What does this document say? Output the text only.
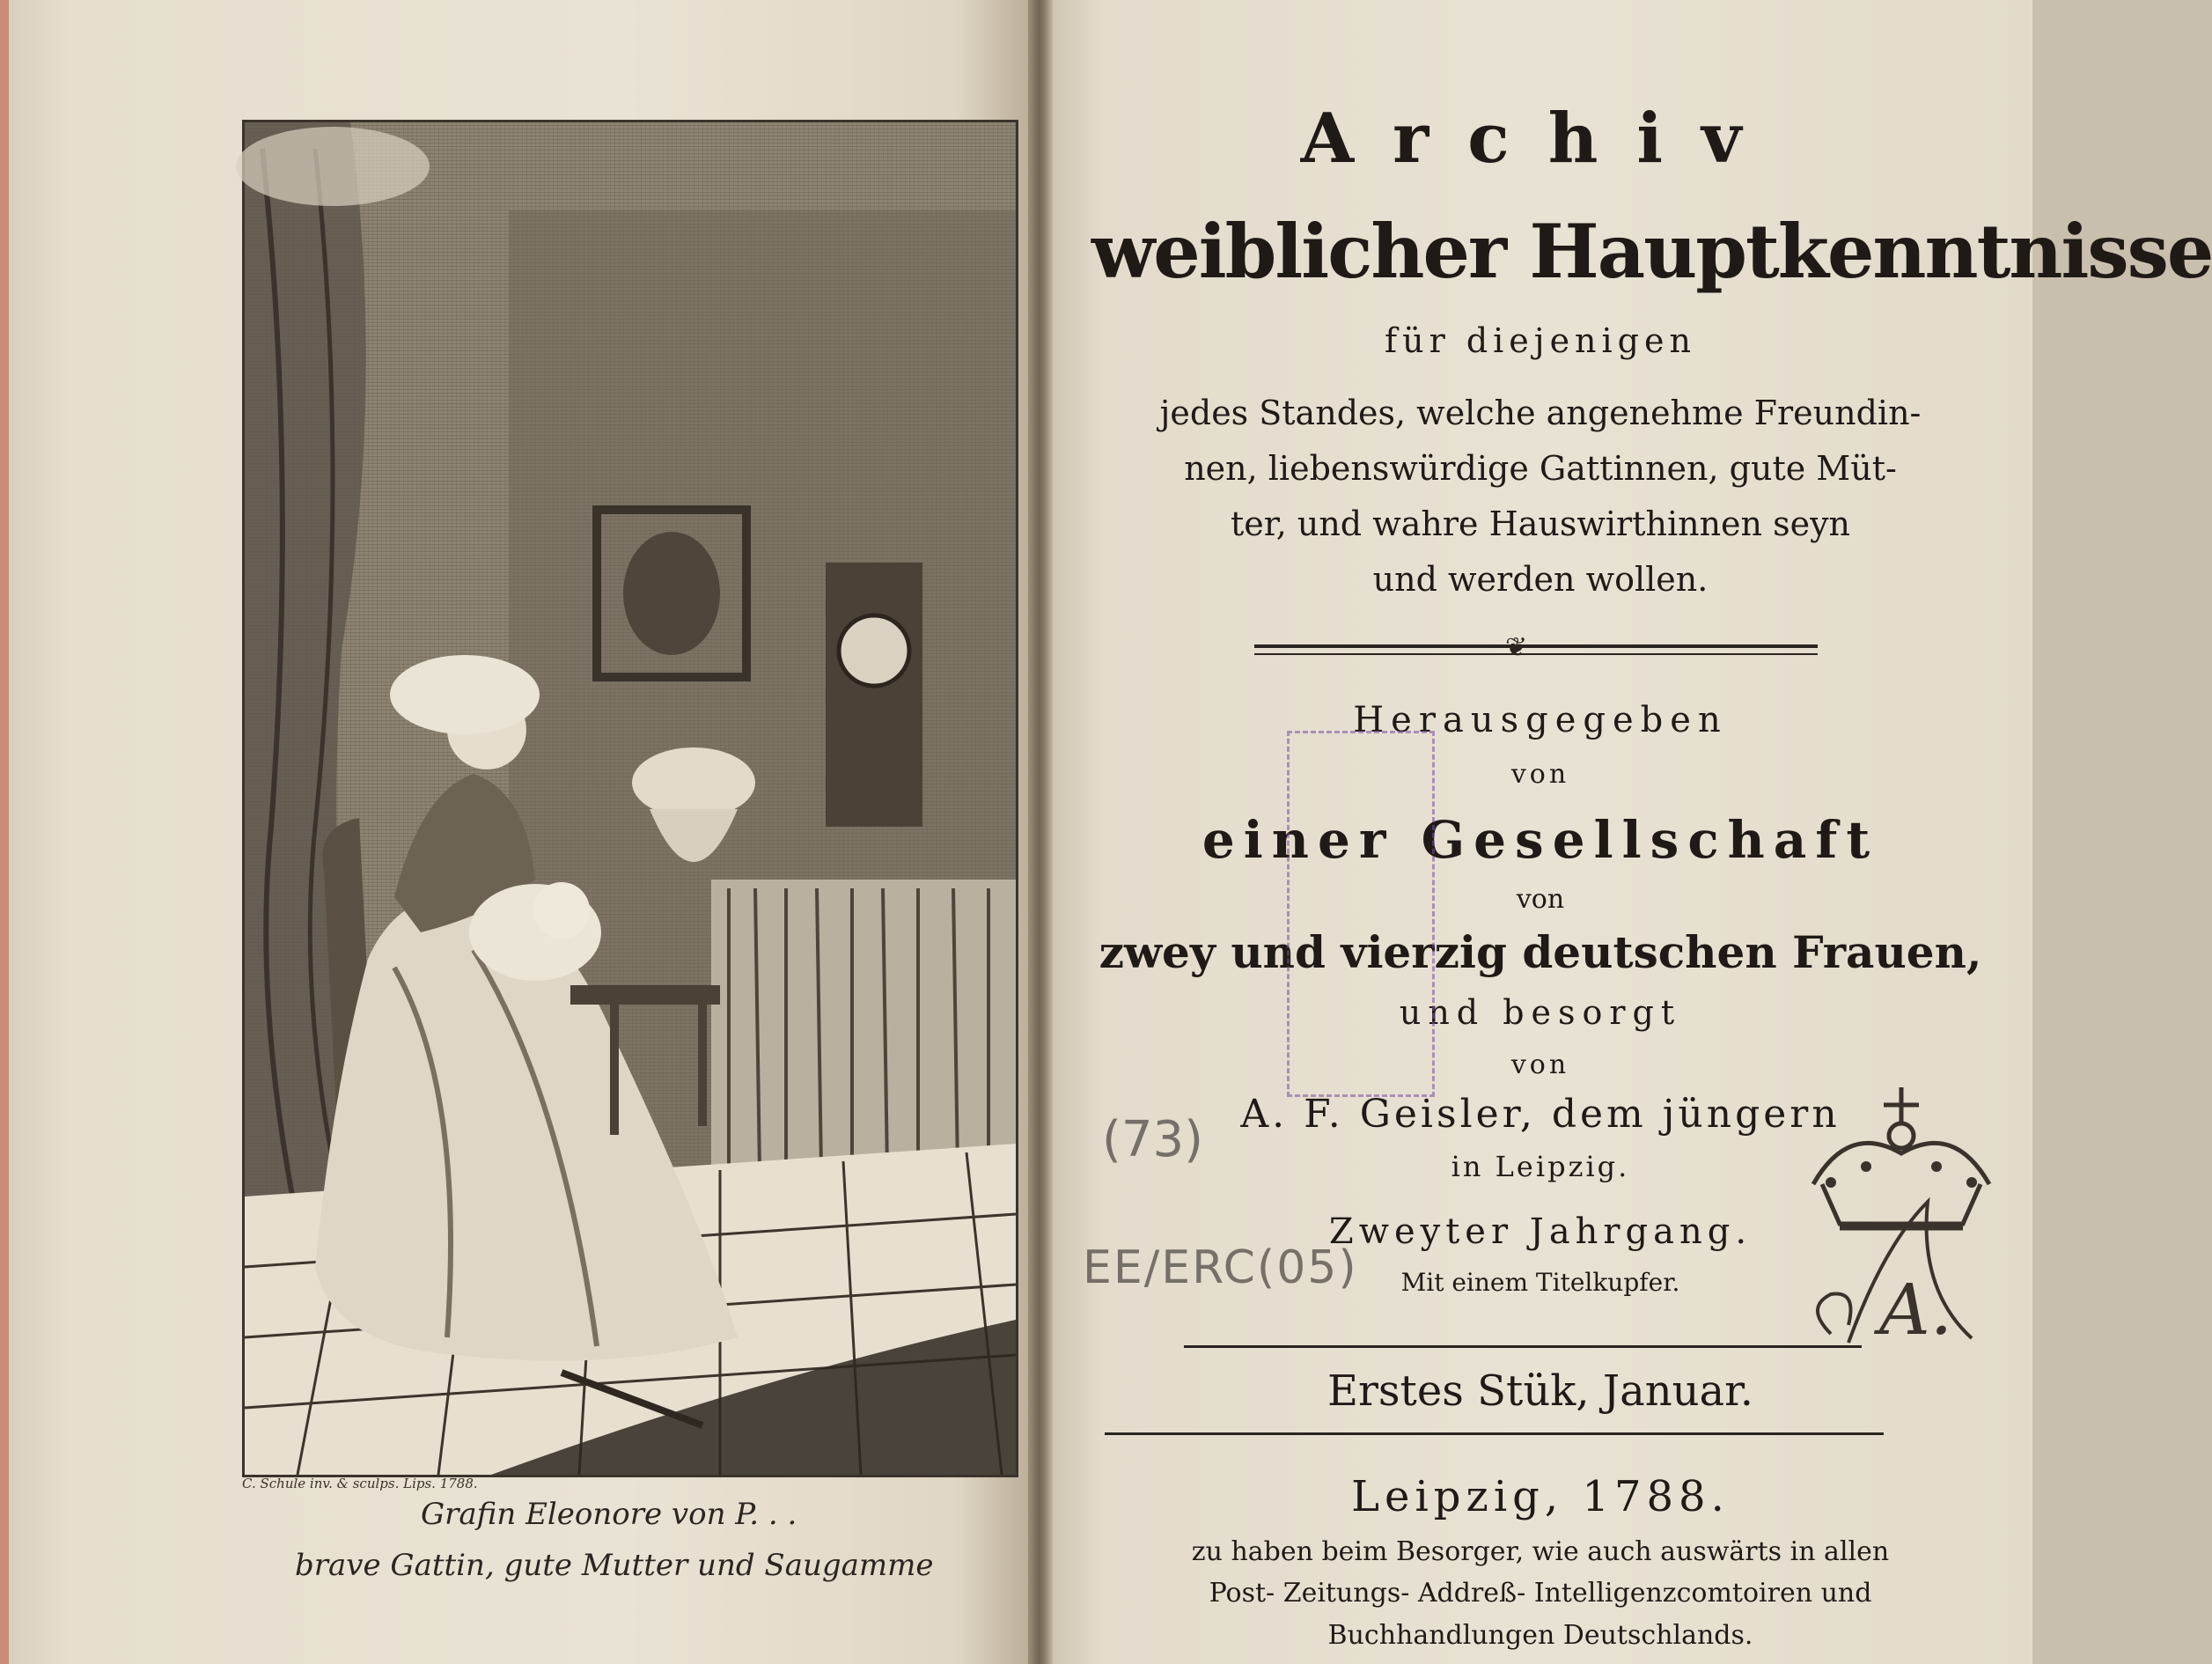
C. Schule inv. & sculps. Lips. 1788.
Grafin Eleonore von P. . .
brave Gattin, gute Mutter und Saugamme
Archiv
weiblicher Hauptkenntnisse
für diejenigen
jedes Standes, welche angenehme Freundin-
nen, liebenswürdige Gattinnen, gute Müt-
ter, und wahre Hauswirthinnen seyn
und werden wollen.
❦
Herausgegeben
von
einer Gesellschaft
von
zwey und vierzig deutschen Frauen,
und besorgt
von
A. F. Geisler, dem jüngern
in Leipzig.
Zweyter Jahrgang.
Mit einem Titelkupfer.
Erstes Stük, Januar.
Leipzig, 1788.
zu haben beim Besorger, wie auch auswärts in allen
Post- Zeitungs- Addreß- Intelligenzcomtoiren und
Buchhandlungen Deutschlands.
(73)
EE/ERC(05)
A.
